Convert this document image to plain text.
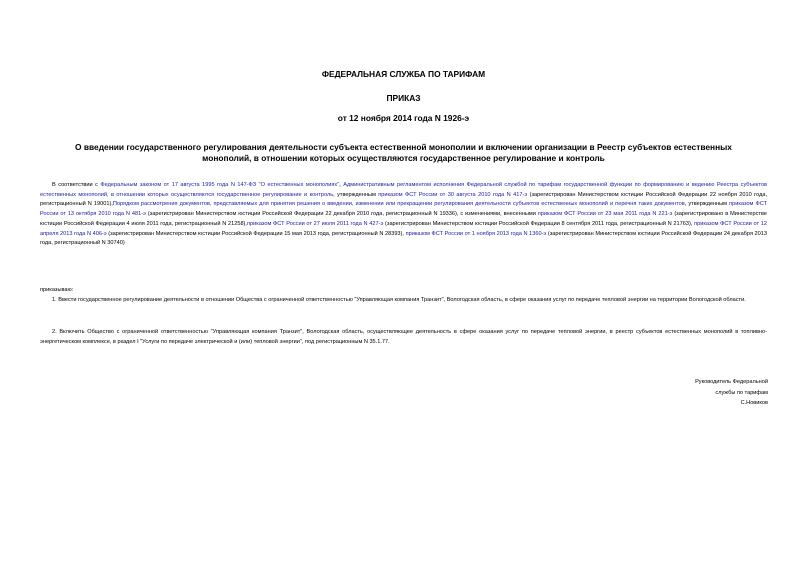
ФЕДЕРАЛЬНАЯ СЛУЖБА ПО ТАРИФАМ
ПРИКАЗ
от 12 ноября 2014 года N 1926-э
О введении государственного регулирования деятельности субъекта естественной монополии и включении организации в Реестр субъектов естественных монополий, в отношении которых осуществляются государственное регулирование и контроль
В соответствии с Федеральным законом от 17 августа 1995 года N 147-ФЗ "О естественных монополиях", Административным регламентом исполнения Федеральной службой по тарифам государственной функции по формированию и ведению Реестра субъектов естественных монополий, в отношении которых осуществляются государственное регулирование и контроль, утвержденным приказом ФСТ России от 30 августа 2010 года N 417-э (зарегистрирован Министерством юстиции Российской Федерации 22 ноября 2010 года, регистрационный N 19001),Порядком рассмотрения документов, представляемых для принятия решения о введении, изменении или прекращении регулирования деятельности субъектов естественных монополий и перечня таких документов, утвержденным приказом ФСТ России от 13 октября 2010 года N 481-э (зарегистрирован Министерством юстиции Российской Федерации 22 декабря 2010 года, регистрационный N 19336), с изменениями, внесенными приказом ФСТ России от 23 мая 2011 года N 221-э (зарегистрировано в Министерстве юстиции Российской Федерации 4 июля 2011 года, регистрационный N 21258),приказом ФСТ России от 27 июля 2011 года N 427-э (зарегистрирован Министерством юстиции Российской Федерации 8 сентября 2011 года, регистрационный N 21763), приказом ФСТ России от 12 апреля 2013 года N 406-э (зарегистрирован Министерством юстиции Российской Федерации 15 мая 2013 года, регистрационный N 28393), приказом ФСТ России от 1 ноября 2013 года N 1360-э (зарегистрирован Министерством юстиции Российской Федерации 24 декабря 2013 года, регистрационный N 30740)
приказываю:
1. Ввести государственное регулирование деятельности в отношении Общества с ограниченной ответственностью "Управляющая компания Транзит", Вологодская область, в сфере оказания услуг по передаче тепловой энергии на территории Вологодской области.
2. Включить Общество с ограниченной ответственностью "Управляющая компания Транзит", Вологодская область, осуществляющее деятельность в сфере оказания услуг по передаче тепловой энергии, в реестр субъектов естественных монополий в топливно-энергетическом комплексе, в раздел I "Услуги по передаче электрической и (или) тепловой энергии", под регистрационным N 35.1.77.
Руководитель Федеральной
службы по тарифам
С.Новиков
